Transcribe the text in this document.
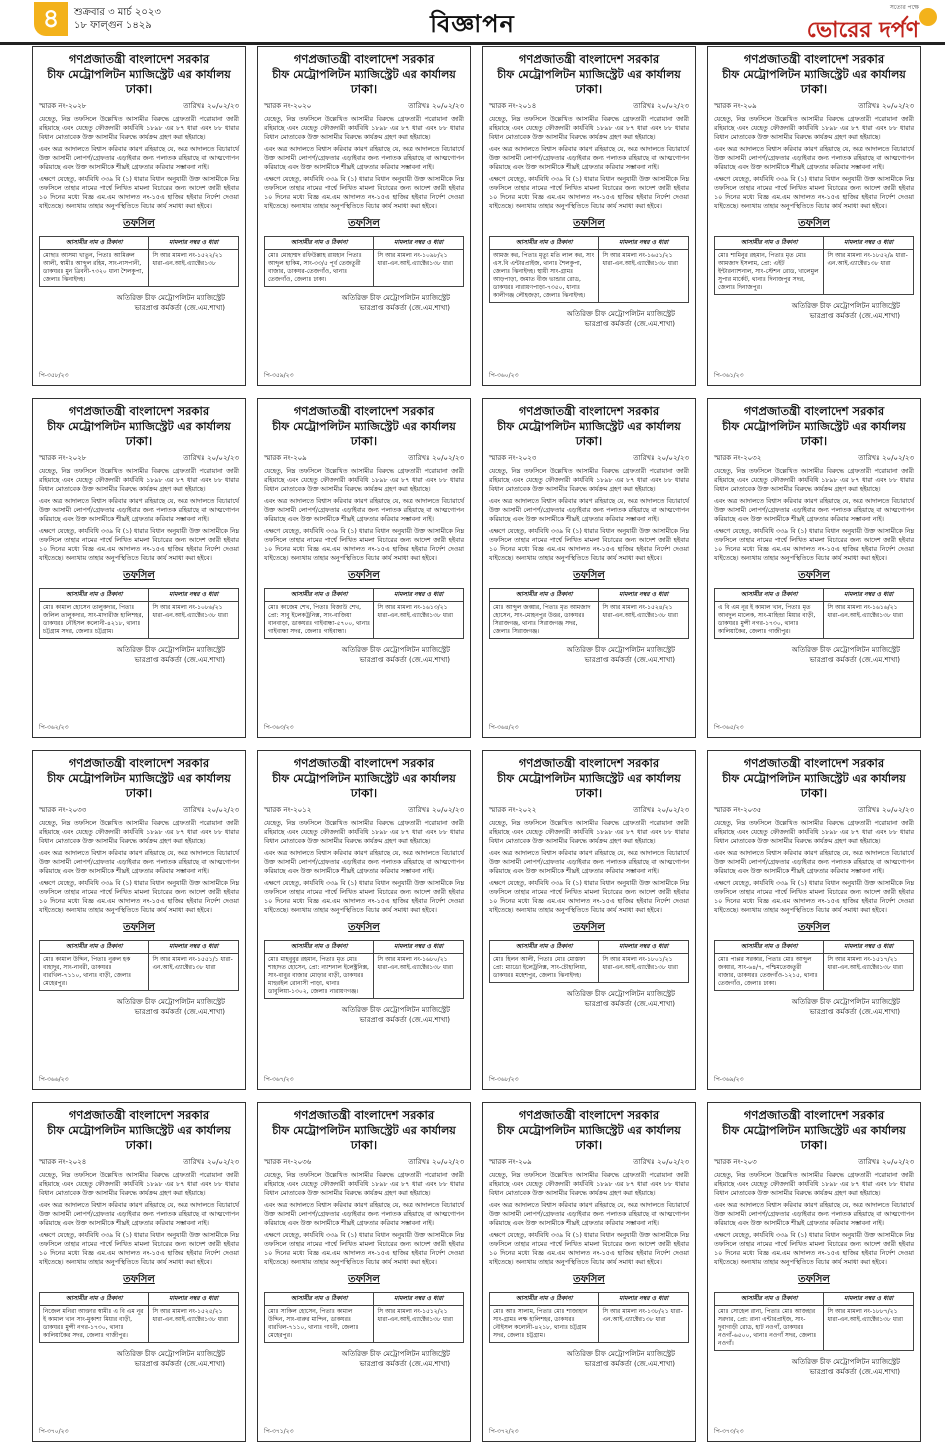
৪	শুক্রবার ৩ মার্চ ২০২৩
১৮ ফাল্গুন ১৪২৯	বিজ্ঞাপন
সত্যের পক্ষে
ভোরের দর্পণ
গণপ্রজাতন্ত্রী বাংলাদেশ সরকার
চীফ মেট্রোপলিটন ম্যাজিস্ট্রেট এর কার্যালয়
ঢাকা।
স্মারক নং-২০২৮	তারিখঃ ২০/০২/২৩

যেহেতু, নিম্ন তফসিলে উল্লেখিত আসামীর বিরুদ্ধে গ্রেফতারী পরোয়ানা জারী রহিয়াছে এবং যেহেতু ফৌজদারী কার্যবিধি ১৮৯৮ এর ৮৭ ধারা এবং ৮৮ ধারার বিধান মোতাবেক উক্ত আসামীর বিরুদ্ধে কার্যক্রম গ্রহণ করা হইয়াছে।

এবং অত্র আদালতে বিশ্বাস করিবার কারণ রহিয়াছে যে, অত্র আদালতে বিচারার্থে উক্ত আসামী লোপর্ণ/গ্রেফতার এড়াইবার জন্য পলাতক রহিয়াছে বা আত্মগোপন করিয়াছে এবং উক্ত আসামীকে শীঘ্রই গ্রেফতার করিবার সম্ভাবনা নাই।

এক্ষণে যেহেতু, কার্যবিধি ৩৩৯ বি (১) ধারার বিধান অনুযায়ী উক্ত আসামীকে নিম্ন তফসিলে তাহার নামের পার্শ্বে লিখিত মামলা বিচারের জন্য আদেশ জারী হইবার ১০ দিনের মধ্যে বিজ্ঞ এম.এম আদালত নং-১৫এ হাজির হইবার নির্দেশ দেওয়া যাইতেছে। অন্যথায় তাহার অনুপস্থিতিতে বিচার কার্য সমাধা করা হইবে।

তফসিল
আসামীর নাম ও ঠিকানা	মামলার নম্বর ও ধারা
মোছাঃ আসমা খাতুন, পিতাঃ আমিরুল আলী, স্বামীঃ আব্দুল রহিম, সাং-নাসপানী, ডাকঘরঃ মুন ত্রিবনী-৭৩২০ ধানা শৈলকুপা, জেলাঃ ঝিনাইদহ।	সি আর মামলা নং-১৫২২/২১ ধারা-এন.আই.এ্যাক্টের১৩৮
অতিরিক্ত চীফ মেট্রোপলিটন ম্যাজিস্ট্রেট
ভারপ্রাপ্ত কর্মকর্তা (জে.এম.শাখা)
পি-৩৫৮/২৩
গণপ্রজাতন্ত্রী বাংলাদেশ সরকার
চীফ মেট্রোপলিটন ম্যাজিস্ট্রেট এর কার্যালয়
ঢাকা।
স্মারক নং-২০২০	তারিখঃ ২০/০২/২৩

যেহেতু, নিম্ন তফসিলে উল্লেখিত আসামীর বিরুদ্ধে গ্রেফতারী পরোয়ানা জারী রহিয়াছে এবং যেহেতু ফৌজদারী কার্যবিধি ১৮৯৮ এর ৮৭ ধারা এবং ৮৮ ধারার বিধান মোতাবেক উক্ত আসামীর বিরুদ্ধে কার্যক্রম গ্রহণ করা হইয়াছে।

এবং অত্র আদালতে বিশ্বাস করিবার কারণ রহিয়াছে যে, অত্র আদালতে বিচারার্থে উক্ত আসামী লোপর্ণ/গ্রেফতার এড়াইবার জন্য পলাতক রহিয়াছে বা আত্মগোপন করিয়াছে এবং উক্ত আসামীকে শীঘ্রই গ্রেফতার করিবার সম্ভাবনা নাই।

এক্ষণে যেহেতু, কার্যবিধি ৩৩৯ বি (১) ধারার বিধান অনুযায়ী উক্ত আসামীকে নিম্ন তফসিলে তাহার নামের পার্শ্বে লিখিত মামলা বিচারের জন্য আদেশ জারী হইবার ১০ দিনের মধ্যে বিজ্ঞ এম.এম আদালত নং-১৫এ হাজির হইবার নির্দেশ দেওয়া যাইতেছে। অন্যথায় তাহার অনুপস্থিতিতে বিচার কার্য সমাধা করা হইবে।

তফসিল
আসামীর নাম ও ঠিকানা	মামলার নম্বর ও ধারা
মোঃ মোহাম্মদ রফিউল্লাহ রায়হান পিতাঃ আব্দুল হাকিম, সাং-৩৩/৫ পূর্ব তেজতুরী বাজার, ডাকঘর-তেজগাঁও, থানাঃ তেজগাঁও, জেলাঃ ঢাকা।	সি আর মামলা নং-১০৯৮/২১ ধারা-এন.আই.এ্যাক্টের১৩৮ ধারা
অতিরিক্ত চীফ মেট্রোপলিটন ম্যাজিস্ট্রেট
ভারপ্রাপ্ত কর্মকর্তা (জে.এম.শাখা)
পি-৩৫৯/২৩
গণপ্রজাতন্ত্রী বাংলাদেশ সরকার
চীফ মেট্রোপলিটন ম্যাজিস্ট্রেট এর কার্যালয়
ঢাকা।
স্মারক নং-২০১৪	তারিখঃ ২০/০২/২৩

যেহেতু, নিম্ন তফসিলে উল্লেখিত আসামীর বিরুদ্ধে গ্রেফতারী পরোয়ানা জারী রহিয়াছে এবং যেহেতু ফৌজদারী কার্যবিধি ১৮৯৮ এর ৮৭ ধারা এবং ৮৮ ধারার বিধান মোতাবেক উক্ত আসামীর বিরুদ্ধে কার্যক্রম গ্রহণ করা হইয়াছে।

এবং অত্র আদালতে বিশ্বাস করিবার কারণ রহিয়াছে যে, অত্র আদালতে বিচারার্থে উক্ত আসামী লোপর্ণ/গ্রেফতার এড়াইবার জন্য পলাতক রহিয়াছে বা আত্মগোপন করিয়াছে এবং উক্ত আসামীকে শীঘ্রই গ্রেফতার করিবার সম্ভাবনা নাই।

এক্ষণে যেহেতু, কার্যবিধি ৩৩৯ বি (১) ধারার বিধান অনুযায়ী উক্ত আসামীকে নিম্ন তফসিলে তাহার নামের পার্শ্বে লিখিত মামলা বিচারের জন্য আদেশ জারী হইবার ১০ দিনের মধ্যে বিজ্ঞ এম.এম আদালত নং-১৫এ হাজির হইবার নির্দেশ দেওয়া যাইতেছে। অন্যথায় তাহার অনুপস্থিতিতে বিচার কার্য সমাধা করা হইবে।

তফসিল
আসামীর নাম ও ঠিকানা	মামলার নম্বর ও ধারা
আমজ কর, পিতাঃ মৃত্যু মতি লাল কর, সাং এস.বি এন্টারপ্রাইজ, থানাঃ শৈলকুপা, জেলাঃ ঝিনাইদহ। স্থায়ী সাং-গ্রামঃ আড়পাড়া, জমাত বীজ ভান্ডার রোড, ডাকঘরঃ নারায়ণপাড়া-৭৩৫০, ধানাঃ কালীগঞ্জ লৌহজড়া, জেলাঃ ঝিনাইদহ।	সি আর মামলা নং-১৬৫১/২১ ধারা-এন.আই.এ্যাক্টের১৩৮ ধারা
অতিরিক্ত চীফ মেট্রোপলিটন ম্যাজিস্ট্রেট
ভারপ্রাপ্ত কর্মকর্তা (জে.এম.শাখা)
পি-৩৬০/২৩
গণপ্রজাতন্ত্রী বাংলাদেশ সরকার
চীফ মেট্রোপলিটন ম্যাজিস্ট্রেট এর কার্যালয়
ঢাকা।
স্মারক নং-২০৯	তারিখঃ ২০/০২/২৩

যেহেতু, নিম্ন তফসিলে উল্লেখিত আসামীর বিরুদ্ধে গ্রেফতারী পরোয়ানা জারী রহিয়াছে এবং যেহেতু ফৌজদারী কার্যবিধি ১৮৯৮ এর ৮৭ ধারা এবং ৮৮ ধারার বিধান মোতাবেক উক্ত আসামীর বিরুদ্ধে কার্যক্রম গ্রহণ করা হইয়াছে।

এবং অত্র আদালতে বিশ্বাস করিবার কারণ রহিয়াছে যে, অত্র আদালতে বিচারার্থে উক্ত আসামী লোপর্ণ/গ্রেফতার এড়াইবার জন্য পলাতক রহিয়াছে বা আত্মগোপন করিয়াছে এবং উক্ত আসামীকে শীঘ্রই গ্রেফতার করিবার সম্ভাবনা নাই।

এক্ষণে যেহেতু, কার্যবিধি ৩৩৯ বি (১) ধারার বিধান অনুযায়ী উক্ত আসামীকে নিম্ন তফসিলে তাহার নামের পার্শ্বে লিখিত মামলা বিচারের জন্য আদেশ জারী হইবার ১০ দিনের মধ্যে বিজ্ঞ এম.এম আদালত নং-১৫এ হাজির হইবার নির্দেশ দেওয়া যাইতেছে। অন্যথায় তাহার অনুপস্থিতিতে বিচার কার্য সমাধা করা হইবে।

তফসিল
আসামীর নাম ও ঠিকানা	মামলার নম্বর ও ধারা
মোঃ শামিনুর রহমান, পিতাঃ মৃত মোঃ আমজাদ ইসলাম, প্রো: এইট ইন্টারন্যাশনাল, সাং-স্টেশন রোড, খালেমুল সুপার মার্কেট, থানাঃ দিনাজপুর সদর, জেলাঃ দিনাজপুর।	সি আর মামলা নং-১৮৫২/৯ ধারা-এন.আই.এ্যাক্টের১৩৮ ধারা
অতিরিক্ত চীফ মেট্রোপলিটন ম্যাজিস্ট্রেট
ভারপ্রাপ্ত কর্মকর্তা (জে.এম.শাখা)
পি-৩৬১/২৩
গণপ্রজাতন্ত্রী বাংলাদেশ সরকার
চীফ মেট্রোপলিটন ম্যাজিস্ট্রেট এর কার্যালয়
ঢাকা।
স্মারক নং-২০২৮	তারিখঃ ২০/০২/২৩

যেহেতু, নিম্ন তফসিলে উল্লেখিত আসামীর বিরুদ্ধে গ্রেফতারী পরোয়ানা জারী রহিয়াছে এবং যেহেতু ফৌজদারী কার্যবিধি ১৮৯৮ এর ৮৭ ধারা এবং ৮৮ ধারার বিধান মোতাবেক উক্ত আসামীর বিরুদ্ধে কার্যক্রম গ্রহণ করা হইয়াছে।

এবং অত্র আদালতে বিশ্বাস করিবার কারণ রহিয়াছে যে, অত্র আদালতে বিচারার্থে উক্ত আসামী লোপর্ণ/গ্রেফতার এড়াইবার জন্য পলাতক রহিয়াছে বা আত্মগোপন করিয়াছে এবং উক্ত আসামীকে শীঘ্রই গ্রেফতার করিবার সম্ভাবনা নাই।

এক্ষণে যেহেতু, কার্যবিধি ৩৩৯ বি (১) ধারার বিধান অনুযায়ী উক্ত আসামীকে নিম্ন তফসিলে তাহার নামের পার্শ্বে লিখিত মামলা বিচারের জন্য আদেশ জারী হইবার ১০ দিনের মধ্যে বিজ্ঞ এম.এম আদালত নং-১৫এ হাজির হইবার নির্দেশ দেওয়া যাইতেছে। অন্যথায় তাহার অনুপস্থিতিতে বিচার কার্য সমাধা করা হইবে।

তফসিল
আসামীর নাম ও ঠিকানা	মামলার নম্বর ও ধারা
মোঃ কামাল হোসেন তালুকদার, পিতাঃ জলিল তালুকদার, সাং-মাদারীজ হালিশহর, ডাকঘরঃ নৌইসল কলোনী-৪২১৮, থানাঃ চট্টগ্রাম সদর, জেলাঃ চট্টগ্রাম।	সি আর মামলা নং-১০৮৬/২১ ধারা-এন.আই.এ্যাক্টের১৩৮ ধারা
অতিরিক্ত চীফ মেট্রোপলিটন ম্যাজিস্ট্রেট
ভারপ্রাপ্ত কর্মকর্তা (জে.এম.শাখা)
পি-৩৬২/২৩
গণপ্রজাতন্ত্রী বাংলাদেশ সরকার
চীফ মেট্রোপলিটন ম্যাজিস্ট্রেট এর কার্যালয়
ঢাকা।
স্মারক নং-২০৯	তারিখঃ ২০/০২/২৩

যেহেতু, নিম্ন তফসিলে উল্লেখিত আসামীর বিরুদ্ধে গ্রেফতারী পরোয়ানা জারী রহিয়াছে এবং যেহেতু ফৌজদারী কার্যবিধি ১৮৯৮ এর ৮৭ ধারা এবং ৮৮ ধারার বিধান মোতাবেক উক্ত আসামীর বিরুদ্ধে কার্যক্রম গ্রহণ করা হইয়াছে।

এবং অত্র আদালতে বিশ্বাস করিবার কারণ রহিয়াছে যে, অত্র আদালতে বিচারার্থে উক্ত আসামী লোপর্ণ/গ্রেফতার এড়াইবার জন্য পলাতক রহিয়াছে বা আত্মগোপন করিয়াছে এবং উক্ত আসামীকে শীঘ্রই গ্রেফতার করিবার সম্ভাবনা নাই।

এক্ষণে যেহেতু, কার্যবিধি ৩৩৯ বি (১) ধারার বিধান অনুযায়ী উক্ত আসামীকে নিম্ন তফসিলে তাহার নামের পার্শ্বে লিখিত মামলা বিচারের জন্য আদেশ জারী হইবার ১০ দিনের মধ্যে বিজ্ঞ এম.এম আদালত নং-১৫এ হাজির হইবার নির্দেশ দেওয়া যাইতেছে। অন্যথায় তাহার অনুপস্থিতিতে বিচার কার্য সমাধা করা হইবে।

তফসিল
আসামীর নাম ও ঠিকানা	মামলার নম্বর ও ধারা
মোঃ কাজেম শেখ, পিতাঃ বিজাউ শেখ, প্রো: সাবু ইলেকট্রনিক্স, সাং-বাজিয়া বানবাড়া, ডাকঘরঃ গাইবান্ধা-৫৭০০, থানাঃ গাইবান্ধা সদর, জেলাঃ গাইবান্ধা।	সি আর মামলা নং-১৬১৩/২১ ধারা-এন.আই.এ্যাক্টের১৩৮ ধারা
অতিরিক্ত চীফ মেট্রোপলিটন ম্যাজিস্ট্রেট
ভারপ্রাপ্ত কর্মকর্তা (জে.এম.শাখা)
পি-৩৬৩/২৩
গণপ্রজাতন্ত্রী বাংলাদেশ সরকার
চীফ মেট্রোপলিটন ম্যাজিস্ট্রেট এর কার্যালয়
ঢাকা।
স্মারক নং-২০২৩	তারিখঃ ২০/০২/২৩

যেহেতু, নিম্ন তফসিলে উল্লেখিত আসামীর বিরুদ্ধে গ্রেফতারী পরোয়ানা জারী রহিয়াছে এবং যেহেতু ফৌজদারী কার্যবিধি ১৮৯৮ এর ৮৭ ধারা এবং ৮৮ ধারার বিধান মোতাবেক উক্ত আসামীর বিরুদ্ধে কার্যক্রম গ্রহণ করা হইয়াছে।

এবং অত্র আদালতে বিশ্বাস করিবার কারণ রহিয়াছে যে, অত্র আদালতে বিচারার্থে উক্ত আসামী লোপর্ণ/গ্রেফতার এড়াইবার জন্য পলাতক রহিয়াছে বা আত্মগোপন করিয়াছে এবং উক্ত আসামীকে শীঘ্রই গ্রেফতার করিবার সম্ভাবনা নাই।

এক্ষণে যেহেতু, কার্যবিধি ৩৩৯ বি (১) ধারার বিধান অনুযায়ী উক্ত আসামীকে নিম্ন তফসিলে তাহার নামের পার্শ্বে লিখিত মামলা বিচারের জন্য আদেশ জারী হইবার ১০ দিনের মধ্যে বিজ্ঞ এম.এম আদালত নং-১৫এ হাজির হইবার নির্দেশ দেওয়া যাইতেছে। অন্যথায় তাহার অনুপস্থিতিতে বিচার কার্য সমাধা করা হইবে।

তফসিল
আসামীর নাম ও ঠিকানা	মামলার নম্বর ও ধারা
মোঃ আব্দুল জব্বার, পিতাঃ মৃত আমজাদ হোসেন, সাং-মোহনপুর উত্তর, ডাকঘরঃ সিরাজগঞ্জ, থানাঃ সিরাজগঞ্জ সদর, জেলাঃ সিরাজগঞ্জ।	সি আর মামলা নং-১৫২৪/২১ ধারা-এন.আই.এ্যাক্টের১৩৮ ধারা
অতিরিক্ত চীফ মেট্রোপলিটন ম্যাজিস্ট্রেট
ভারপ্রাপ্ত কর্মকর্তা (জে.এম.শাখা)
পি-৩৬৪/২৩
গণপ্রজাতন্ত্রী বাংলাদেশ সরকার
চীফ মেট্রোপলিটন ম্যাজিস্ট্রেট এর কার্যালয়
ঢাকা।
স্মারক নং-২০৩২	তারিখঃ ২০/০২/২৩

যেহেতু, নিম্ন তফসিলে উল্লেখিত আসামীর বিরুদ্ধে গ্রেফতারী পরোয়ানা জারী রহিয়াছে এবং যেহেতু ফৌজদারী কার্যবিধি ১৮৯৮ এর ৮৭ ধারা এবং ৮৮ ধারার বিধান মোতাবেক উক্ত আসামীর বিরুদ্ধে কার্যক্রম গ্রহণ করা হইয়াছে।

এবং অত্র আদালতে বিশ্বাস করিবার কারণ রহিয়াছে যে, অত্র আদালতে বিচারার্থে উক্ত আসামী লোপর্ণ/গ্রেফতার এড়াইবার জন্য পলাতক রহিয়াছে বা আত্মগোপন করিয়াছে এবং উক্ত আসামীকে শীঘ্রই গ্রেফতার করিবার সম্ভাবনা নাই।

এক্ষণে যেহেতু, কার্যবিধি ৩৩৯ বি (১) ধারার বিধান অনুযায়ী উক্ত আসামীকে নিম্ন তফসিলে তাহার নামের পার্শ্বে লিখিত মামলা বিচারের জন্য আদেশ জারী হইবার ১০ দিনের মধ্যে বিজ্ঞ এম.এম আদালত নং-১৫এ হাজির হইবার নির্দেশ দেওয়া যাইতেছে। অন্যথায় তাহার অনুপস্থিতিতে বিচার কার্য সমাধা করা হইবে।

তফসিল
আসামীর নাম ও ঠিকানা	মামলার নম্বর ও ধারা
এ বি এম নূর ই কামাল খান, পিতাঃ মৃত আবদুল মালেক, সাং-মাহিন্দ্রা মিয়ার বাড়ী, ডাকঘরঃ মুন্সী নগর-১৭৩০, থানাঃ কালিয়াকৈর, জেলাঃ গাজীপুর।	সি আর মামলা নং-১৬১৬/২১ ধারা-এন.আই.এ্যাক্টের১৩৮ ধারা
অতিরিক্ত চীফ মেট্রোপলিটন ম্যাজিস্ট্রেট
ভারপ্রাপ্ত কর্মকর্তা (জে.এম.শাখা)
পি-৩৬৫/২৩
গণপ্রজাতন্ত্রী বাংলাদেশ সরকার
চীফ মেট্রোপলিটন ম্যাজিস্ট্রেট এর কার্যালয়
ঢাকা।
স্মারক নং-২০৩৩	তারিখঃ ২০/০২/২৩

যেহেতু, নিম্ন তফসিলে উল্লেখিত আসামীর বিরুদ্ধে গ্রেফতারী পরোয়ানা জারী রহিয়াছে এবং যেহেতু ফৌজদারী কার্যবিধি ১৮৯৮ এর ৮৭ ধারা এবং ৮৮ ধারার বিধান মোতাবেক উক্ত আসামীর বিরুদ্ধে কার্যক্রম গ্রহণ করা হইয়াছে।

এবং অত্র আদালতে বিশ্বাস করিবার কারণ রহিয়াছে যে, অত্র আদালতে বিচারার্থে উক্ত আসামী লোপর্ণ/গ্রেফতার এড়াইবার জন্য পলাতক রহিয়াছে বা আত্মগোপন করিয়াছে এবং উক্ত আসামীকে শীঘ্রই গ্রেফতার করিবার সম্ভাবনা নাই।

এক্ষণে যেহেতু, কার্যবিধি ৩৩৯ বি (১) ধারার বিধান অনুযায়ী উক্ত আসামীকে নিম্ন তফসিলে তাহার নামের পার্শ্বে লিখিত মামলা বিচারের জন্য আদেশ জারী হইবার ১০ দিনের মধ্যে বিজ্ঞ এম.এম আদালত নং-১৫এ হাজির হইবার নির্দেশ দেওয়া যাইতেছে। অন্যথায় তাহার অনুপস্থিতিতে বিচার কার্য সমাধা করা হইবে।

তফসিল
আসামীর নাম ও ঠিকানা	মামলার নম্বর ও ধারা
মোঃ কামাল উদ্দিন, পিতাঃ নুরুল হক বাহাদুর, সাং-নাবরী, ডাকঘরঃ বারখিল-৭১১০, থানাঃ বাড়ী, জেলাঃ মেহেরপুর।	সি আর মামলা নং-১৫৫১/১ ধারা-এন.আই.এ্যাক্টের১৩৮ ধারা
অতিরিক্ত চীফ মেট্রোপলিটন ম্যাজিস্ট্রেট
ভারপ্রাপ্ত কর্মকর্তা (জে.এম.শাখা)
পি-৩৬৬/২৩
গণপ্রজাতন্ত্রী বাংলাদেশ সরকার
চীফ মেট্রোপলিটন ম্যাজিস্ট্রেট এর কার্যালয়
ঢাকা।
স্মারক নং-২০১২	তারিখঃ ২০/০২/২৩

যেহেতু, নিম্ন তফসিলে উল্লেখিত আসামীর বিরুদ্ধে গ্রেফতারী পরোয়ানা জারী রহিয়াছে এবং যেহেতু ফৌজদারী কার্যবিধি ১৮৯৮ এর ৮৭ ধারা এবং ৮৮ ধারার বিধান মোতাবেক উক্ত আসামীর বিরুদ্ধে কার্যক্রম গ্রহণ করা হইয়াছে।

এবং অত্র আদালতে বিশ্বাস করিবার কারণ রহিয়াছে যে, অত্র আদালতে বিচারার্থে উক্ত আসামী লোপর্ণ/গ্রেফতার এড়াইবার জন্য পলাতক রহিয়াছে বা আত্মগোপন করিয়াছে এবং উক্ত আসামীকে শীঘ্রই গ্রেফতার করিবার সম্ভাবনা নাই।

এক্ষণে যেহেতু, কার্যবিধি ৩৩৯ বি (১) ধারার বিধান অনুযায়ী উক্ত আসামীকে নিম্ন তফসিলে তাহার নামের পার্শ্বে লিখিত মামলা বিচারের জন্য আদেশ জারী হইবার ১০ দিনের মধ্যে বিজ্ঞ এম.এম আদালত নং-১৫এ হাজির হইবার নির্দেশ দেওয়া যাইতেছে। অন্যথায় তাহার অনুপস্থিতিতে বিচার কার্য সমাধা করা হইবে।

তফসিল
আসামীর নাম ও ঠিকানা	মামলার নম্বর ও ধারা
মোঃ মাহবুবুর রহমান, পিতাঃ মৃত মোঃ শাহাদত হোসেন, প্রো: ন্যাশনাল ইলেক্ট্রনিক্স, সাং-বাবুর বাজার মোড়ার বাড়ী, ডাকঘরঃ মাহুরইল রোনাসী পাড়া, থানাঃ ডাবুলিয়া-১৩০২, জেলাঃ নারায়ণগঞ্জ।	সি আর মামলা নং-১৬৮০/২১ ধারা-এন.আই.এ্যাক্টের১৩৮ ধারা
অতিরিক্ত চীফ মেট্রোপলিটন ম্যাজিস্ট্রেট
ভারপ্রাপ্ত কর্মকর্তা (জে.এম.শাখা)
পি-৩৬৭/২৩
গণপ্রজাতন্ত্রী বাংলাদেশ সরকার
চীফ মেট্রোপলিটন ম্যাজিস্ট্রেট এর কার্যালয়
ঢাকা।
স্মারক নং-২০২২	তারিখঃ ২০/০২/২৩

যেহেতু, নিম্ন তফসিলে উল্লেখিত আসামীর বিরুদ্ধে গ্রেফতারী পরোয়ানা জারী রহিয়াছে এবং যেহেতু ফৌজদারী কার্যবিধি ১৮৯৮ এর ৮৭ ধারা এবং ৮৮ ধারার বিধান মোতাবেক উক্ত আসামীর বিরুদ্ধে কার্যক্রম গ্রহণ করা হইয়াছে।

এবং অত্র আদালতে বিশ্বাস করিবার কারণ রহিয়াছে যে, অত্র আদালতে বিচারার্থে উক্ত আসামী লোপর্ণ/গ্রেফতার এড়াইবার জন্য পলাতক রহিয়াছে বা আত্মগোপন করিয়াছে এবং উক্ত আসামীকে শীঘ্রই গ্রেফতার করিবার সম্ভাবনা নাই।

এক্ষণে যেহেতু, কার্যবিধি ৩৩৯ বি (১) ধারার বিধান অনুযায়ী উক্ত আসামীকে নিম্ন তফসিলে তাহার নামের পার্শ্বে লিখিত মামলা বিচারের জন্য আদেশ জারী হইবার ১০ দিনের মধ্যে বিজ্ঞ এম.এম আদালত নং-১৫এ হাজির হইবার নির্দেশ দেওয়া যাইতেছে। অন্যথায় তাহার অনুপস্থিতিতে বিচার কার্য সমাধা করা হইবে।

তফসিল
আসামীর নাম ও ঠিকানা	মামলার নম্বর ও ধারা
মোঃ হিলন আলী, পিতাঃ মোঃ মোস্তফা প্রো: ম্যাডো ইলেট্রনিক্স, সাং-চৌহালিয়া, ডাকঘরঃ মহেশপুর, জেলাঃ ঝিনাইদহ।	সি আর মামলা নং-১৮০১/২১ ধারা-এন.আই.এ্যাক্টের১৩৮ ধারা
অতিরিক্ত চীফ মেট্রোপলিটন ম্যাজিস্ট্রেট
ভারপ্রাপ্ত কর্মকর্তা (জে.এম.শাখা)
পি-৩৬৮/২৩
গণপ্রজাতন্ত্রী বাংলাদেশ সরকার
চীফ মেট্রোপলিটন ম্যাজিস্ট্রেট এর কার্যালয়
ঢাকা।
স্মারক নং-২০৩৫	তারিখঃ ২০/০২/২৩

যেহেতু, নিম্ন তফসিলে উল্লেখিত আসামীর বিরুদ্ধে গ্রেফতারী পরোয়ানা জারী রহিয়াছে এবং যেহেতু ফৌজদারী কার্যবিধি ১৮৯৮ এর ৮৭ ধারা এবং ৮৮ ধারার বিধান মোতাবেক উক্ত আসামীর বিরুদ্ধে কার্যক্রম গ্রহণ করা হইয়াছে।

এবং অত্র আদালতে বিশ্বাস করিবার কারণ রহিয়াছে যে, অত্র আদালতে বিচারার্থে উক্ত আসামী লোপর্ণ/গ্রেফতার এড়াইবার জন্য পলাতক রহিয়াছে বা আত্মগোপন করিয়াছে এবং উক্ত আসামীকে শীঘ্রই গ্রেফতার করিবার সম্ভাবনা নাই।

এক্ষণে যেহেতু, কার্যবিধি ৩৩৯ বি (১) ধারার বিধান অনুযায়ী উক্ত আসামীকে নিম্ন তফসিলে তাহার নামের পার্শ্বে লিখিত মামলা বিচারের জন্য আদেশ জারী হইবার ১০ দিনের মধ্যে বিজ্ঞ এম.এম আদালত নং-১৫এ হাজির হইবার নির্দেশ দেওয়া যাইতেছে। অন্যথায় তাহার অনুপস্থিতিতে বিচার কার্য সমাধা করা হইবে।

তফসিল
আসামীর নাম ও ঠিকানা	মামলার নম্বর ও ধারা
মোঃ পাপ্পর সরকার, পিতাঃ মোঃ আব্দুল জব্বার, সাং-৬৪/৭, পশ্চিমতেজতুরী বাজার, ডাকঘরঃ তেজগাঁও-১২১৫, থানাঃ তেজগাঁও, জেলাঃ ঢাকা।	সি আর মামলা নং-১৫১৭/২১ ধারা-এন.আই.এ্যাক্টের১৩৮ ধারা
অতিরিক্ত চীফ মেট্রোপলিটন ম্যাজিস্ট্রেট
ভারপ্রাপ্ত কর্মকর্তা (জে.এম.শাখা)
পি-৩৬৯/২৩
গণপ্রজাতন্ত্রী বাংলাদেশ সরকার
চীফ মেট্রোপলিটন ম্যাজিস্ট্রেট এর কার্যালয়
ঢাকা।
স্মারক নং-২০২৪	তারিখঃ ২০/০২/২৩

যেহেতু, নিম্ন তফসিলে উল্লেখিত আসামীর বিরুদ্ধে গ্রেফতারী পরোয়ানা জারী রহিয়াছে এবং যেহেতু ফৌজদারী কার্যবিধি ১৮৯৮ এর ৮৭ ধারা এবং ৮৮ ধারার বিধান মোতাবেক উক্ত আসামীর বিরুদ্ধে কার্যক্রম গ্রহণ করা হইয়াছে।

এবং অত্র আদালতে বিশ্বাস করিবার কারণ রহিয়াছে যে, অত্র আদালতে বিচারার্থে উক্ত আসামী লোপর্ণ/গ্রেফতার এড়াইবার জন্য পলাতক রহিয়াছে বা আত্মগোপন করিয়াছে এবং উক্ত আসামীকে শীঘ্রই গ্রেফতার করিবার সম্ভাবনা নাই।

এক্ষণে যেহেতু, কার্যবিধি ৩৩৯ বি (১) ধারার বিধান অনুযায়ী উক্ত আসামীকে নিম্ন তফসিলে তাহার নামের পার্শ্বে লিখিত মামলা বিচারের জন্য আদেশ জারী হইবার ১০ দিনের মধ্যে বিজ্ঞ এম.এম আদালত নং-১৫এ হাজির হইবার নির্দেশ দেওয়া যাইতেছে। অন্যথায় তাহার অনুপস্থিতিতে বিচার কার্য সমাধা করা হইবে।

তফসিল
আসামীর নাম ও ঠিকানা	মামলার নম্বর ও ধারা
নিজেল মনিরা আক্তার স্বামীঃ এ বি এম নূর ই কামাল খান সাং-মুকাশা মিয়ার বাড়ী, ডাকঘরঃ মুন্সী নগর-১৭৩০, থানাঃ কালিয়াকৈর সদর, জেলাঃ গাজীপুর।	সি আর মামলা নং-১৫২৫/২১ ধারা-এন.আই.এ্যাক্টের১৩৮ ধারা
অতিরিক্ত চীফ মেট্রোপলিটন ম্যাজিস্ট্রেট
ভারপ্রাপ্ত কর্মকর্তা (জে.এম.শাখা)
পি-৩৭০/২৩
গণপ্রজাতন্ত্রী বাংলাদেশ সরকার
চীফ মেট্রোপলিটন ম্যাজিস্ট্রেট এর কার্যালয়
ঢাকা।
স্মারক নং-২০৩৬	তারিখঃ ২০/০২/২৩

যেহেতু, নিম্ন তফসিলে উল্লেখিত আসামীর বিরুদ্ধে গ্রেফতারী পরোয়ানা জারী রহিয়াছে এবং যেহেতু ফৌজদারী কার্যবিধি ১৮৯৮ এর ৮৭ ধারা এবং ৮৮ ধারার বিধান মোতাবেক উক্ত আসামীর বিরুদ্ধে কার্যক্রম গ্রহণ করা হইয়াছে।

এবং অত্র আদালতে বিশ্বাস করিবার কারণ রহিয়াছে যে, অত্র আদালতে বিচারার্থে উক্ত আসামী লোপর্ণ/গ্রেফতার এড়াইবার জন্য পলাতক রহিয়াছে বা আত্মগোপন করিয়াছে এবং উক্ত আসামীকে শীঘ্রই গ্রেফতার করিবার সম্ভাবনা নাই।

এক্ষণে যেহেতু, কার্যবিধি ৩৩৯ বি (১) ধারার বিধান অনুযায়ী উক্ত আসামীকে নিম্ন তফসিলে তাহার নামের পার্শ্বে লিখিত মামলা বিচারের জন্য আদেশ জারী হইবার ১০ দিনের মধ্যে বিজ্ঞ এম.এম আদালত নং-১৫এ হাজির হইবার নির্দেশ দেওয়া যাইতেছে। অন্যথায় তাহার অনুপস্থিতিতে বিচার কার্য সমাধা করা হইবে।

তফসিল
আসামীর নাম ও ঠিকানা	মামলার নম্বর ও ধারা
মোঃ সাকিল হোসেন, পিতাঃ কামাল উদ্দিন, সাং-বারুর মান্দিন, ডাকঘরঃ বারখিল-৭১১০, থানাঃ গাংনী, জেলাঃ মেহেরপুর।	সি আর মামলা নং-১৫১২/২১ ধারা-এন.আই.এ্যাক্টের১৩৮ ধারা
অতিরিক্ত চীফ মেট্রোপলিটন ম্যাজিস্ট্রেট
ভারপ্রাপ্ত কর্মকর্তা (জে.এম.শাখা)
পি-৩৭১/২৩
গণপ্রজাতন্ত্রী বাংলাদেশ সরকার
চীফ মেট্রোপলিটন ম্যাজিস্ট্রেট এর কার্যালয়
ঢাকা।
স্মারক নং-২০৯	তারিখঃ ২০/০২/২৩

যেহেতু, নিম্ন তফসিলে উল্লেখিত আসামীর বিরুদ্ধে গ্রেফতারী পরোয়ানা জারী রহিয়াছে এবং যেহেতু ফৌজদারী কার্যবিধি ১৮৯৮ এর ৮৭ ধারা এবং ৮৮ ধারার বিধান মোতাবেক উক্ত আসামীর বিরুদ্ধে কার্যক্রম গ্রহণ করা হইয়াছে।

এবং অত্র আদালতে বিশ্বাস করিবার কারণ রহিয়াছে যে, অত্র আদালতে বিচারার্থে উক্ত আসামী লোপর্ণ/গ্রেফতার এড়াইবার জন্য পলাতক রহিয়াছে বা আত্মগোপন করিয়াছে এবং উক্ত আসামীকে শীঘ্রই গ্রেফতার করিবার সম্ভাবনা নাই।

এক্ষণে যেহেতু, কার্যবিধি ৩৩৯ বি (১) ধারার বিধান অনুযায়ী উক্ত আসামীকে নিম্ন তফসিলে তাহার নামের পার্শ্বে লিখিত মামলা বিচারের জন্য আদেশ জারী হইবার ১০ দিনের মধ্যে বিজ্ঞ এম.এম আদালত নং-১৫এ হাজির হইবার নির্দেশ দেওয়া যাইতেছে। অন্যথায় তাহার অনুপস্থিতিতে বিচার কার্য সমাধা করা হইবে।

তফসিল
আসামীর নাম ও ঠিকানা	মামলার নম্বর ও ধারা
মোঃ আঃ সালাম, পিতাঃ মোঃ শাজাহান সাং-গ্রামঃ লক্ষ হালিশহর, ডাকঘরঃ নৌইসল কলোনী-৪২১৮, থানাঃ চট্টগ্রাম সদর, জেলাঃ চট্টগ্রাম।	সি আর মামলা নং-১৩৮/২১ ধারা-এন.আই.এ্যাক্টের১৩৮ ধারা
অতিরিক্ত চীফ মেট্রোপলিটন ম্যাজিস্ট্রেট
ভারপ্রাপ্ত কর্মকর্তা (জে.এম.শাখা)
পি-৩৭২/২৩
গণপ্রজাতন্ত্রী বাংলাদেশ সরকার
চীফ মেট্রোপলিটন ম্যাজিস্ট্রেট এর কার্যালয়
ঢাকা।
স্মারক নং-২০৩	তারিখঃ ২০/০২/২৩

যেহেতু, নিম্ন তফসিলে উল্লেখিত আসামীর বিরুদ্ধে গ্রেফতারী পরোয়ানা জারী রহিয়াছে এবং যেহেতু ফৌজদারী কার্যবিধি ১৮৯৮ এর ৮৭ ধারা এবং ৮৮ ধারার বিধান মোতাবেক উক্ত আসামীর বিরুদ্ধে কার্যক্রম গ্রহণ করা হইয়াছে।

এবং অত্র আদালতে বিশ্বাস করিবার কারণ রহিয়াছে যে, অত্র আদালতে বিচারার্থে উক্ত আসামী লোপর্ণ/গ্রেফতার এড়াইবার জন্য পলাতক রহিয়াছে বা আত্মগোপন করিয়াছে এবং উক্ত আসামীকে শীঘ্রই গ্রেফতার করিবার সম্ভাবনা নাই।

এক্ষণে যেহেতু, কার্যবিধি ৩৩৯ বি (১) ধারার বিধান অনুযায়ী উক্ত আসামীকে নিম্ন তফসিলে তাহার নামের পার্শ্বে লিখিত মামলা বিচারের জন্য আদেশ জারী হইবার ১০ দিনের মধ্যে বিজ্ঞ এম.এম আদালত নং-১৫এ হাজির হইবার নির্দেশ দেওয়া যাইতেছে। অন্যথায় তাহার অনুপস্থিতিতে বিচার কার্য সমাধা করা হইবে।

তফসিল
আসামীর নাম ও ঠিকানা	মামলার নম্বর ও ধারা
মোঃ সোহেল রানা, পিতাঃ মোঃ আজহার সরদার, প্রো: রানা এন্টারপ্রাইজ, সাং-দুবাগাড়ী রোড, হাট নওগাঁ, ডাকঘরঃ নওগাঁ-৬৫০০, থানাঃ নওগাঁ সদর, জেলাঃ নওগাঁ।	সি আর মামলা নং-১৮৮৭/২১ ধারা-এন.আই.এ্যাক্টের১৩৮ ধারা
অতিরিক্ত চীফ মেট্রোপলিটন ম্যাজিস্ট্রেট
ভারপ্রাপ্ত কর্মকর্তা (জে.এম.শাখা)
পি-৩৭৩/২৩
